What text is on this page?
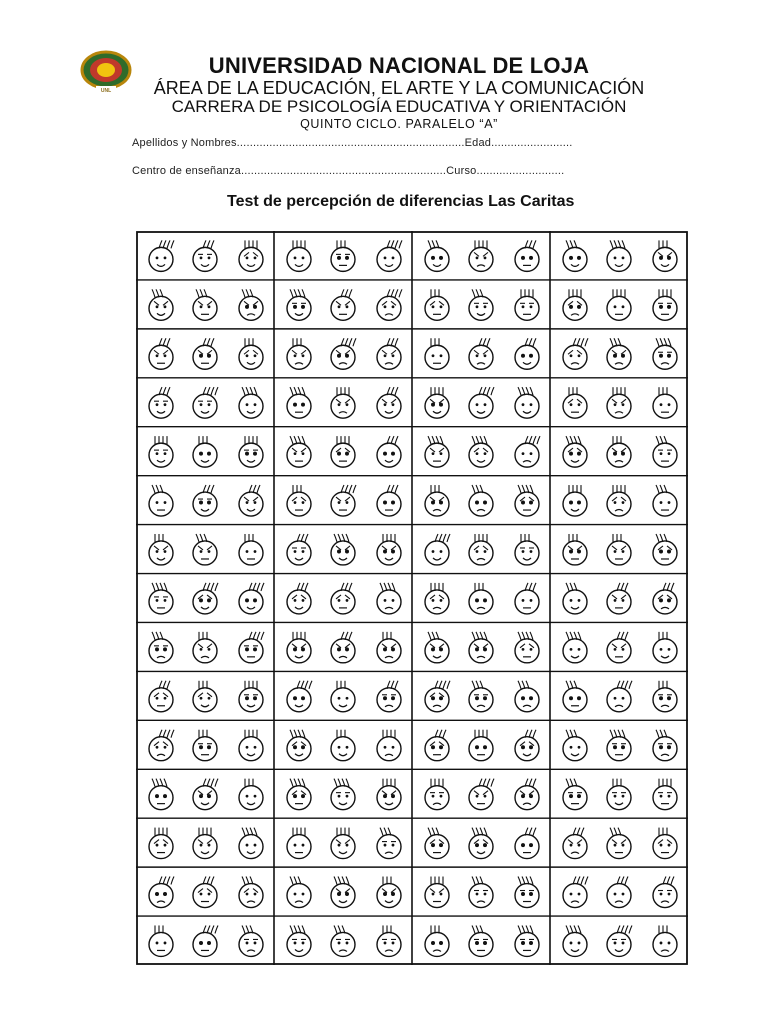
UNL
UNIVERSIDAD NACIONAL DE LOJA
ÁREA DE LA EDUCACIÓN, EL ARTE Y LA COMUNICACIÓN
CARRERA DE PSICOLOGÍA EDUCATIVA Y ORIENTACIÓN
QUINTO CICLO. PARALELO “A”
Apellidos y Nombres......................................................................Edad.........................
Centro de enseñanza...............................................................Curso...........................
Test de percepción de diferencias Las Caritas
